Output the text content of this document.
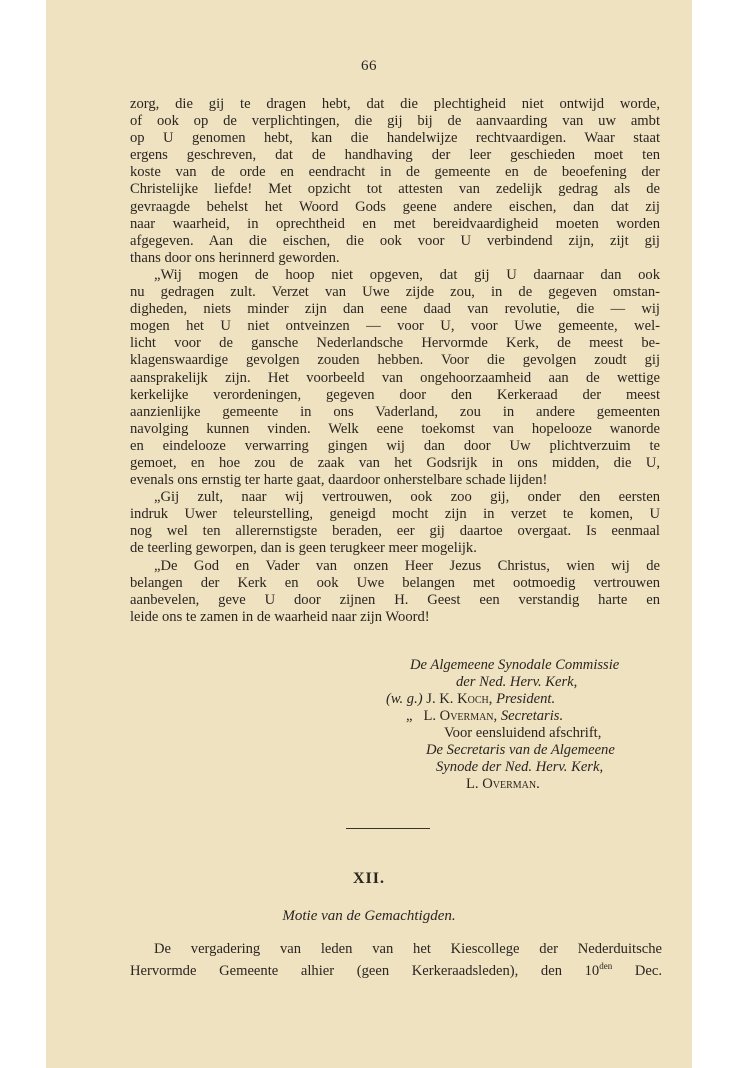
66
zorg, die gij te dragen hebt, dat die plechtigheid niet ontwijd worde,
of ook op de verplichtingen, die gij bij de aanvaarding van uw ambt
op U genomen hebt, kan die handelwijze rechtvaardigen. Waar staat
ergens geschreven, dat de handhaving der leer geschieden moet ten
koste van de orde en eendracht in de gemeente en de beoefening der
Christelijke liefde! Met opzicht tot attesten van zedelijk gedrag als de
gevraagde behelst het Woord Gods geene andere eischen, dan dat zij
naar waarheid, in oprechtheid en met bereidvaardigheid moeten worden
afgegeven. Aan die eischen, die ook voor U verbindend zijn, zijt gij
thans door ons herinnerd geworden.
„Wij mogen de hoop niet opgeven, dat gij U daarnaar dan ook
nu gedragen zult. Verzet van Uwe zijde zou, in de gegeven omstan-
digheden, niets minder zijn dan eene daad van revolutie, die — wij
mogen het U niet ontveinzen — voor U, voor Uwe gemeente, wel-
licht voor de gansche Nederlandsche Hervormde Kerk, de meest be-
klagenswaardige gevolgen zouden hebben. Voor die gevolgen zoudt gij
aansprakelijk zijn. Het voorbeeld van ongehoorzaamheid aan de wettige
kerkelijke verordeningen, gegeven door den Kerkeraad der meest
aanzienlijke gemeente in ons Vaderland, zou in andere gemeenten
navolging kunnen vinden. Welk eene toekomst van hopelooze wanorde
en eindelooze verwarring gingen wij dan door Uw plichtverzuim te
gemoet, en hoe zou de zaak van het Godsrijk in ons midden, die U,
evenals ons ernstig ter harte gaat, daardoor onherstelbare schade lijden!
„Gij zult, naar wij vertrouwen, ook zoo gij, onder den eersten
indruk Uwer teleurstelling, geneigd mocht zijn in verzet te komen, U
nog wel ten allerernstigste beraden, eer gij daartoe overgaat. Is eenmaal
de teerling geworpen, dan is geen terugkeer meer mogelijk.
„De God en Vader van onzen Heer Jezus Christus, wien wij de
belangen der Kerk en ook Uwe belangen met ootmoedig vertrouwen
aanbevelen, geve U door zijnen H. Geest een verstandig harte en
leide ons te zamen in de waarheid naar zijn Woord!
De Algemeene Synodale Commissie
der Ned. Herv. Kerk,
(w. g.) J. K. Koch, President.
„ L. Overman, Secretaris.
Voor eensluidend afschrift,
De Secretaris van de Algemeene
Synode der Ned. Herv. Kerk,
L. Overman.
XII.
Motie van de Gemachtigden.
De vergadering van leden van het Kiescollege der Nederduitsche
Hervormde Gemeente alhier (geen Kerkeraadsleden), den $10^{den}$ Dec.
